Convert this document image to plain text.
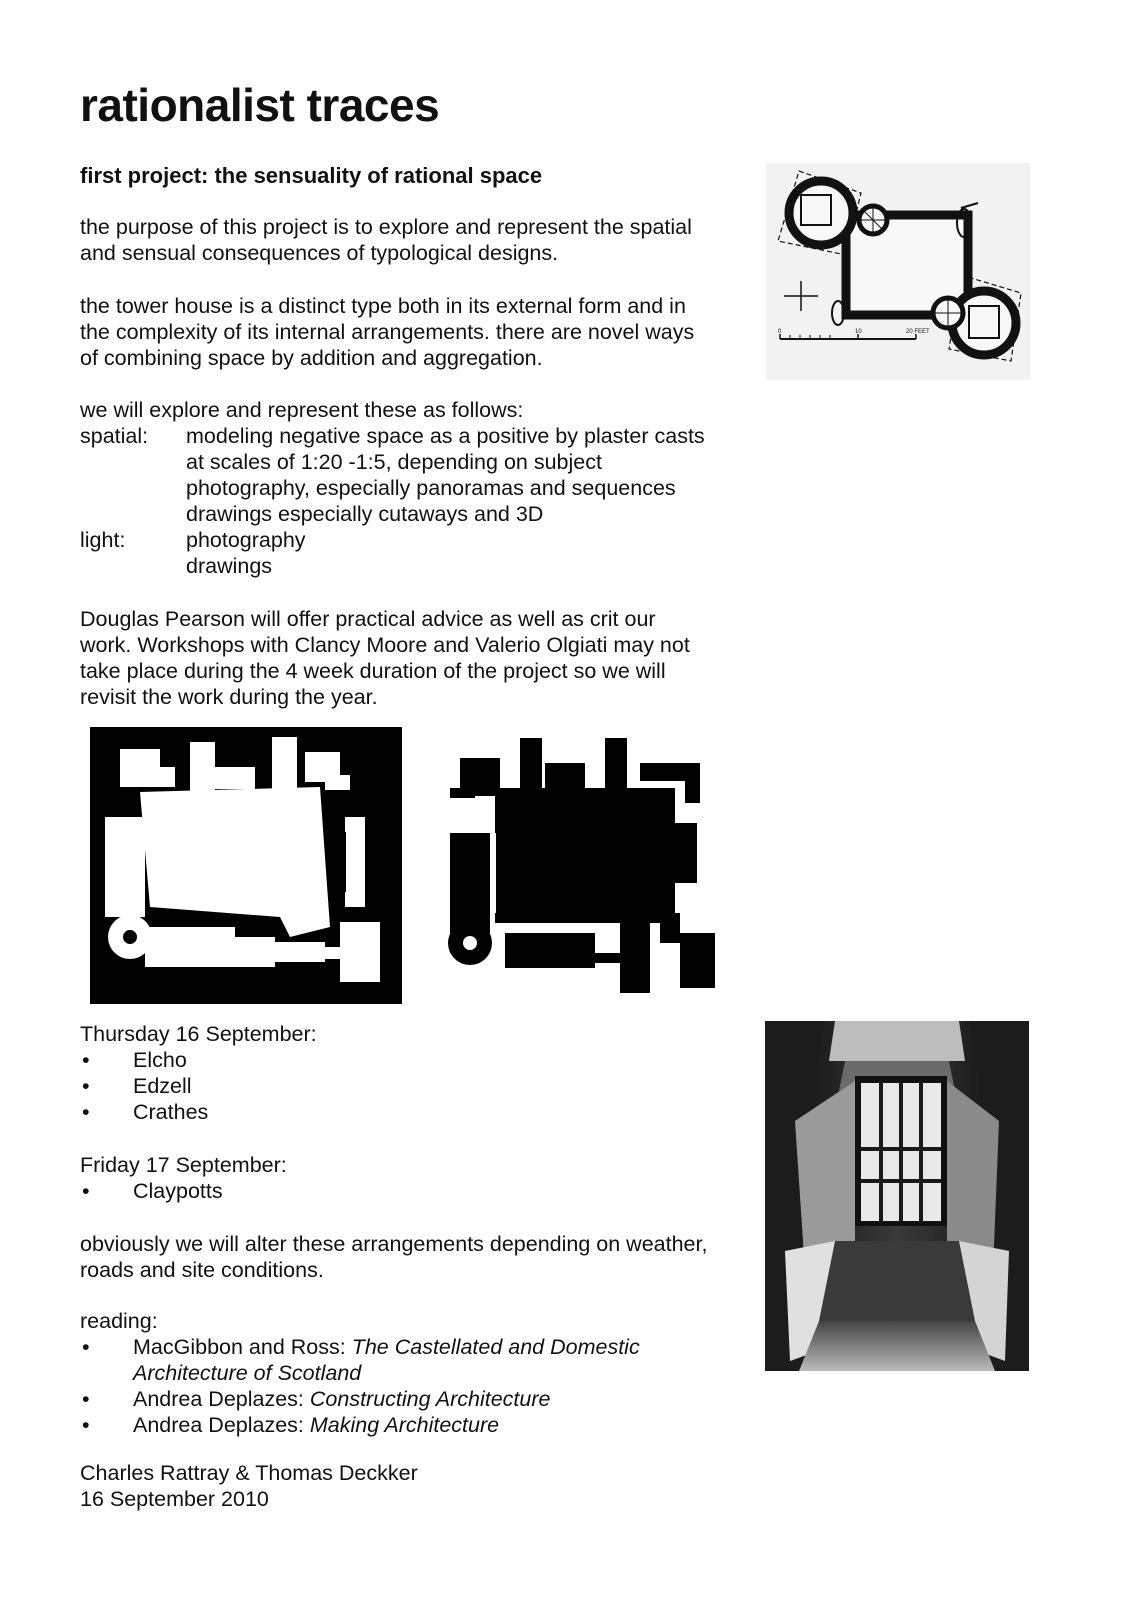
rationalist traces
first project: the sensuality of rational space
the purpose of this project is to explore and represent the spatial
and sensual consequences of typological designs.
the tower house is a distinct type both in its external form and in
the complexity of its internal arrangements. there are novel ways
of combining space by addition and aggregation.
we will explore and represent these as follows:
spatial: modeling negative space as a positive by plaster casts
at scales of 1:20 -1:5, depending on subject
photography, especially panoramas and sequences
drawings especially cutaways and 3D
light:	photography
drawings
Douglas Pearson will offer practical advice as well as crit our
work. Workshops with Clancy Moore and Valerio Olgiati may not
take place during the 4 week duration of the project so we will
revisit the work during the year.
0	10	20 FEET
Thursday 16 September:
• Elcho
• Edzell
• Crathes
Friday 17 September:
• Claypotts
obviously we will alter these arrangements depending on weather,
roads and site conditions.
reading:
• MacGibbon and Ross: The Castellated and Domestic
Architecture of Scotland
• Andrea Deplazes: Constructing Architecture
• Andrea Deplazes: Making Architecture
Charles Rattray & Thomas Deckker
16 September 2010
